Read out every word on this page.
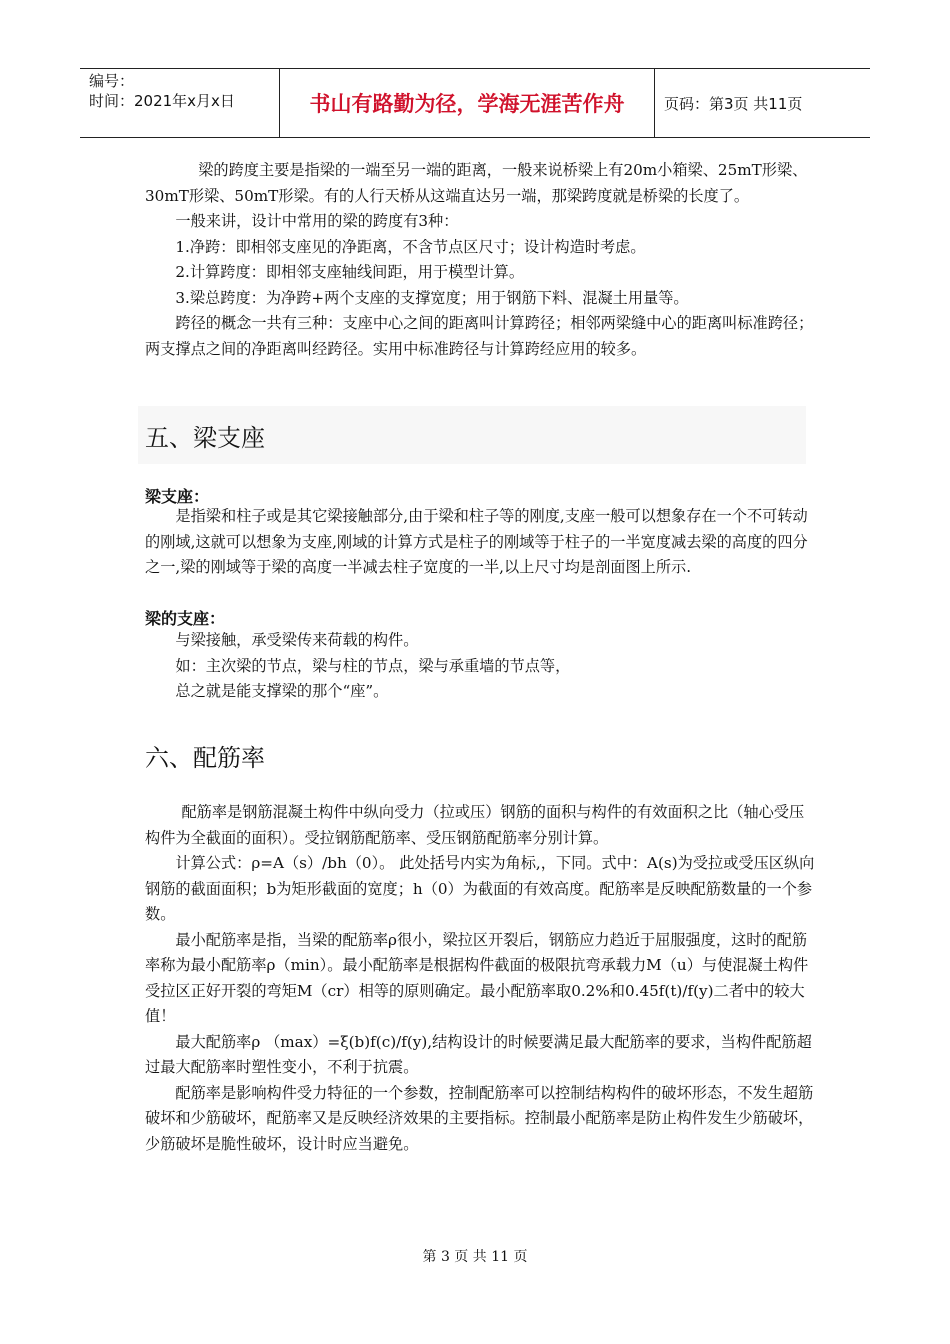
编号：
时间：2021年x月x日	书山有路勤为径，学海无涯苦作舟	页码：第3页 共11页

梁的跨度主要是指梁的一端至另一端的距离，一般来说桥梁上有20m小箱梁、25mT形梁、30mT形梁、50mT形梁。有的人行天桥从这端直达另一端，那梁跨度就是桥梁的长度了。

一般来讲，设计中常用的梁的跨度有3种：

1.净跨：即相邻支座见的净距离，不含节点区尺寸；设计构造时考虑。

2.计算跨度：即相邻支座轴线间距，用于模型计算。

3.梁总跨度：为净跨+两个支座的支撑宽度；用于钢筋下料、混凝土用量等。

跨径的概念一共有三种：支座中心之间的距离叫计算跨径；相邻两梁缝中心的距离叫标准跨径；两支撑点之间的净距离叫经跨径。实用中标准跨径与计算跨经应用的较多。

五、梁支座
梁支座：

是指梁和柱子或是其它梁接触部分,由于梁和柱子等的刚度,支座一般可以想象存在一个不可转动的刚域,这就可以想象为支座,刚域的计算方式是柱子的刚域等于柱子的一半宽度减去梁的高度的四分之一,梁的刚域等于梁的高度一半减去柱子宽度的一半,以上尺寸均是剖面图上所示.

梁的支座：

与梁接触，承受梁传来荷载的构件。

如：主次梁的节点，梁与柱的节点，梁与承重墙的节点等，

总之就是能支撑梁的那个“座”。

六、配筋率

配筋率是钢筋混凝土构件中纵向受力（拉或压）钢筋的面积与构件的有效面积之比（轴心受压构件为全截面的面积）。受拉钢筋配筋率、受压钢筋配筋率分别计算。

计算公式：ρ=A（s）/bh（0）。 此处括号内实为角标,，下同。式中：A(s)为受拉或受压区纵向钢筋的截面面积；b为矩形截面的宽度；h（0）为截面的有效高度。配筋率是反映配筋数量的一个参数。

最小配筋率是指，当梁的配筋率ρ很小，梁拉区开裂后，钢筋应力趋近于屈服强度，这时的配筋率称为最小配筋率ρ（min）。最小配筋率是根据构件截面的极限抗弯承载力M（u）与使混凝土构件受拉区正好开裂的弯矩M（cr）相等的原则确定。最小配筋率取0.2%和0.45f(t)/f(y)二者中的较大值！

最大配筋率ρ （max）=ξ(b)f(c)/f(y),结构设计的时候要满足最大配筋率的要求，当构件配筋超过最大配筋率时塑性变小，不利于抗震。

配筋率是影响构件受力特征的一个参数，控制配筋率可以控制结构构件的破坏形态，不发生超筋破坏和少筋破坏，配筋率又是反映经济效果的主要指标。控制最小配筋率是防止构件发生少筋破坏，少筋破坏是脆性破坏，设计时应当避免。

第 3 页 共 11 页
